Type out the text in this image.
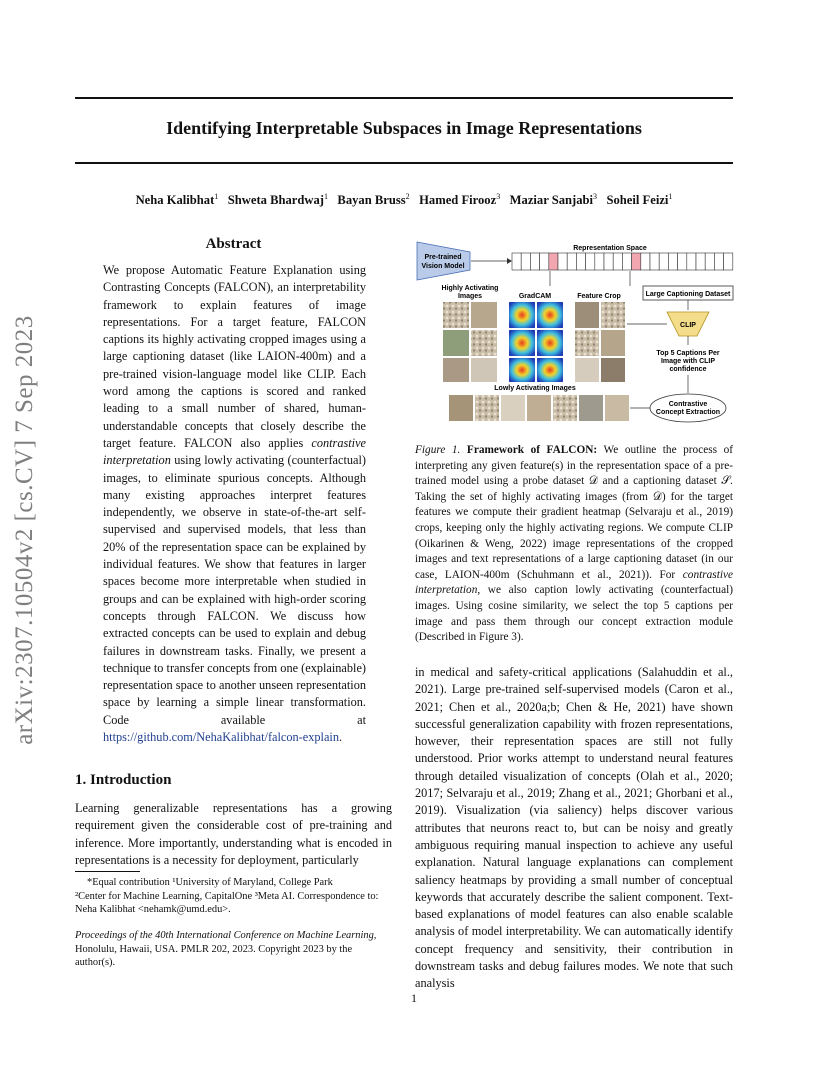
Identifying Interpretable Subspaces in Image Representations
Neha Kalibhat$^1$ Shweta Bhardwaj$^1$ Bayan Bruss$^2$ Hamed Firooz$^3$ Maziar Sanjabi$^3$ Soheil Feizi$^1$
arXiv:2307.10504v2 [cs.CV] 7 Sep 2023
Abstract
We propose Automatic Feature Explanation using Contrasting Concepts (FALCON), an interpretability framework to explain features of image representations. For a target feature, FALCON captions its highly activating cropped images using a large captioning dataset (like LAION-400m) and a pre-trained vision-language model like CLIP. Each word among the captions is scored and ranked leading to a small number of shared, human-understandable concepts that closely describe the target feature. FALCON also applies contrastive interpretation using lowly activating (counterfactual) images, to eliminate spurious concepts. Although many existing approaches interpret features independently, we observe in state-of-the-art self-supervised and supervised models, that less than 20% of the representation space can be explained by individual features. We show that features in larger spaces become more interpretable when studied in groups and can be explained with high-order scoring concepts through FALCON. We discuss how extracted concepts can be used to explain and debug failures in downstream tasks. Finally, we present a technique to transfer concepts from one (explainable) representation space to another unseen representation space by learning a simple linear transformation. Code available at https://github.com/NehaKalibhat/falcon-explain.
1. Introduction
Learning generalizable representations has a growing requirement given the considerable cost of pre-training and inference. More importantly, understanding what is encoded in representations is a necessity for deployment, particularly
*Equal contribution ¹University of Maryland, College Park
²Center for Machine Learning, CapitalOne ³Meta AI. Correspondence to: Neha Kalibhat <nehamk@umd.edu>.
Proceedings of the 40th International Conference on Machine Learning, Honolulu, Hawaii, USA. PMLR 202, 2023. Copyright 2023 by the author(s).
Pre-trained
Vision Model
Representation Space
Highly Activating
Images	GradCAM	Feature Crop	Large Captioning Dataset
CLIP
Top 5 Captions Per
Image with CLIP
confidence
Lowly Activating Images
Contrastive
Concept Extraction
Figure 1. Framework of FALCON: We outline the process of interpreting any given feature(s) in the representation space of a pre-trained model using a probe dataset 𝒟 and a captioning dataset 𝒮. Taking the set of highly activating images (from 𝒟) for the target features we compute their gradient heatmap (Selvaraju et al., 2019) crops, keeping only the highly activating regions. We compute CLIP (Oikarinen & Weng, 2022) image representations of the cropped images and text representations of a large captioning dataset (in our case, LAION-400m (Schuhmann et al., 2021)). For contrastive interpretation, we also caption lowly activating (counterfactual) images. Using cosine similarity, we select the top 5 captions per image and pass them through our concept extraction module (Described in Figure 3).
in medical and safety-critical applications (Salahuddin et al., 2021). Large pre-trained self-supervised models (Caron et al., 2021; Chen et al., 2020a;b; Chen & He, 2021) have shown successful generalization capability with frozen representations, however, their representation spaces are still not fully understood. Prior works attempt to understand neural features through detailed visualization of concepts (Olah et al., 2020; 2017; Selvaraju et al., 2019; Zhang et al., 2021; Ghorbani et al., 2019). Visualization (via saliency) helps discover various attributes that neurons react to, but can be noisy and greatly ambiguous requiring manual inspection to achieve any useful explanation. Natural language explanations can complement saliency heatmaps by providing a small number of conceptual keywords that accurately describe the salient component. Text-based explanations of model features can also enable scalable analysis of model interpretability. We can automatically identify concept frequency and sensitivity, their contribution in downstream tasks and debug failures modes. We note that such analysis
1
